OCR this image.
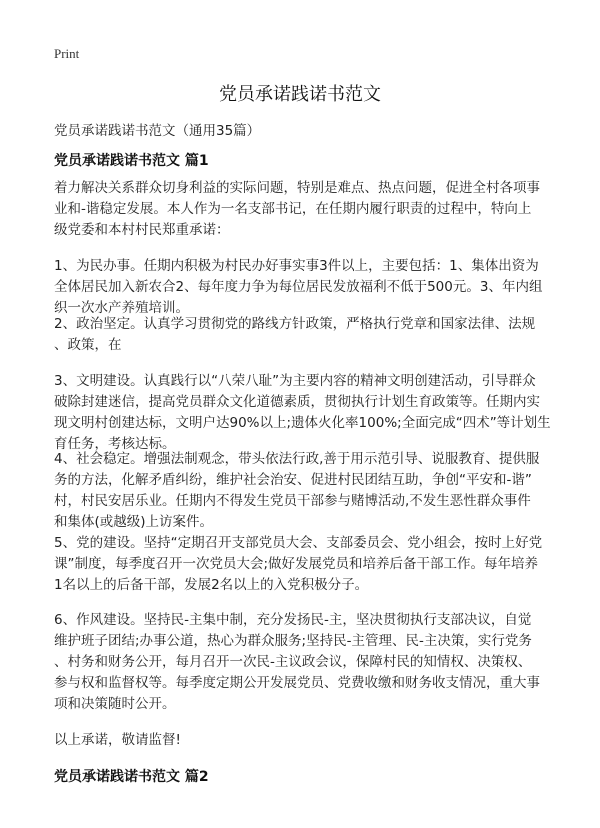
Print
党员承诺践诺书范文
党员承诺践诺书范文（通用35篇）
党员承诺践诺书范文 篇1
着力解决关系群众切身利益的实际问题，特别是难点、热点问题，促进全村各项事
业和-谐稳定发展。本人作为一名支部书记，在任期内履行职责的过程中，特向上
级党委和本村村民郑重承诺：
1、为民办事。任期内积极为村民办好事实事3件以上，主要包括：1、集体出资为
全体居民加入新农合2、每年度力争为每位居民发放福利不低于500元。3、年内组
织一次水产养殖培训。
2、政治坚定。认真学习贯彻党的路线方针政策，严格执行党章和国家法律、法规
、政策，在
3、文明建设。认真践行以“八荣八耻”为主要内容的精神文明创建活动，引导群众
破除封建迷信，提高党员群众文化道德素质，贯彻执行计划生育政策等。任期内实
现文明村创建达标，文明户达90%以上;遗体火化率100%;全面完成“四术”等计划生
育任务，考核达标。
4、社会稳定。增强法制观念，带头依法行政,善于用示范引导、说服教育、提供服
务的方法，化解矛盾纠纷，维护社会治安、促进村民团结互助，争创“平安和-谐”
村，村民安居乐业。任期内不得发生党员干部参与赌博活动,不发生恶性群众事件
和集体(或越级)上访案件。
5、党的建设。坚持“定期召开支部党员大会、支部委员会、党小组会，按时上好党
课”制度，每季度召开一次党员大会;做好发展党员和培养后备干部工作。每年培养
1名以上的后备干部，发展2名以上的入党积极分子。
6、作风建设。坚持民-主集中制，充分发扬民-主，坚决贯彻执行支部决议，自觉
维护班子团结;办事公道，热心为群众服务;坚持民-主管理、民-主决策，实行党务
、村务和财务公开，每月召开一次民-主议政会议，保障村民的知情权、决策权、
参与权和监督权等。每季度定期公开发展党员、党费收缴和财务收支情况，重大事
项和决策随时公开。
以上承诺，敬请监督!
党员承诺践诺书范文 篇2
